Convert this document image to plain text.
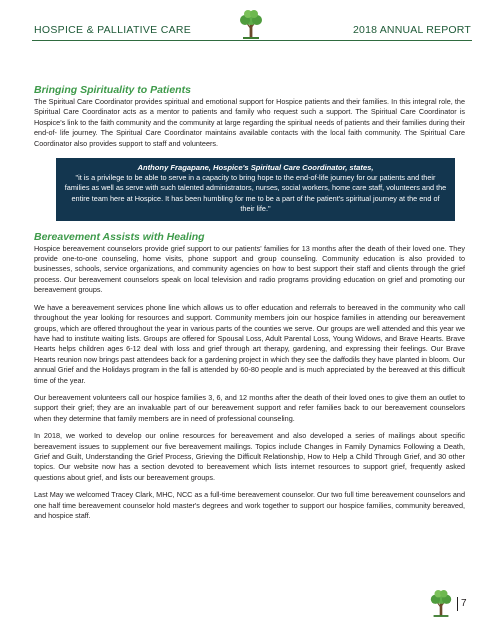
HOSPICE & PALLIATIVE CARE	2018 ANNUAL REPORT
Bringing Spirituality to Patients

The Spiritual Care Coordinator provides spiritual and emotional support for Hospice patients and their families. In this integral role, the Spiritual Care Coordinator acts as a mentor to patients and family who request such a support. The Spiritual Care Coordinator is Hospice's link to the faith community and the community at large regarding the spiritual needs of patients and their families during their end-of- life journey. The Spiritual Care Coordinator maintains available contacts with the local faith community. The Spiritual Care Coordinator also provides support to staff and volunteers.

Anthony Fragapane, Hospice's Spiritual Care Coordinator, states,
"it is a privilege to be able to serve in a capacity to bring hope to the end-of-life journey for our patients and their families as well as serve with such talented administrators, nurses, social workers, home care staff, volunteers and the entire team here at Hospice. It has been humbling for me to be a part of the patient's spiritual journey at the end of their life."
Bereavement Assists with Healing

Hospice bereavement counselors provide grief support to our patients' families for 13 months after the death of their loved one. They provide one-to-one counseling, home visits, phone support and group counseling. Community education is also provided to businesses, schools, service organizations, and community agencies on how to best support their staff and clients through the grief process. Our bereavement counselors speak on local television and radio programs providing education on grief and promoting our bereavement groups.

We have a bereavement services phone line which allows us to offer education and referrals to bereaved in the community who call throughout the year looking for resources and support. Community members join our hospice families in attending our bereavement groups, which are offered throughout the year in various parts of the counties we serve. Our groups are well attended and this year we have had to institute waiting lists. Groups are offered for Spousal Loss, Adult Parental Loss, Young Widows, and Brave Hearts. Brave Hearts helps children ages 6-12 deal with loss and grief through art therapy, gardening, and expressing their feelings. Our Brave Hearts reunion now brings past attendees back for a gardening project in which they see the daffodils they have planted in bloom. Our annual Grief and the Holidays program in the fall is attended by 60-80 people and is much appreciated by the bereaved at this difficult time of the year.

Our bereavement volunteers call our hospice families 3, 6, and 12 months after the death of their loved ones to give them an outlet to support their grief; they are an invaluable part of our bereavement support and refer families back to our bereavement counselors when they determine that family members are in need of professional counseling.

In 2018, we worked to develop our online resources for bereavement and also developed a series of mailings about specific bereavement issues to supplement our five bereavement mailings. Topics include Changes in Family Dynamics Following a Death, Grief and Guilt, Understanding the Grief Process, Grieving the Difficult Relationship, How to Help a Child Through Grief, and 30 other topics. Our website now has a section devoted to bereavement which lists internet resources to support grief, frequently asked questions about grief, and lists our bereavement groups.

Last May we welcomed Tracey Clark, MHC, NCC as a full-time bereavement counselor. Our two full time bereavement counselors and one half time bereavement counselor hold master's degrees and work together to support our hospice families, community bereaved, and hospice staff.

7
